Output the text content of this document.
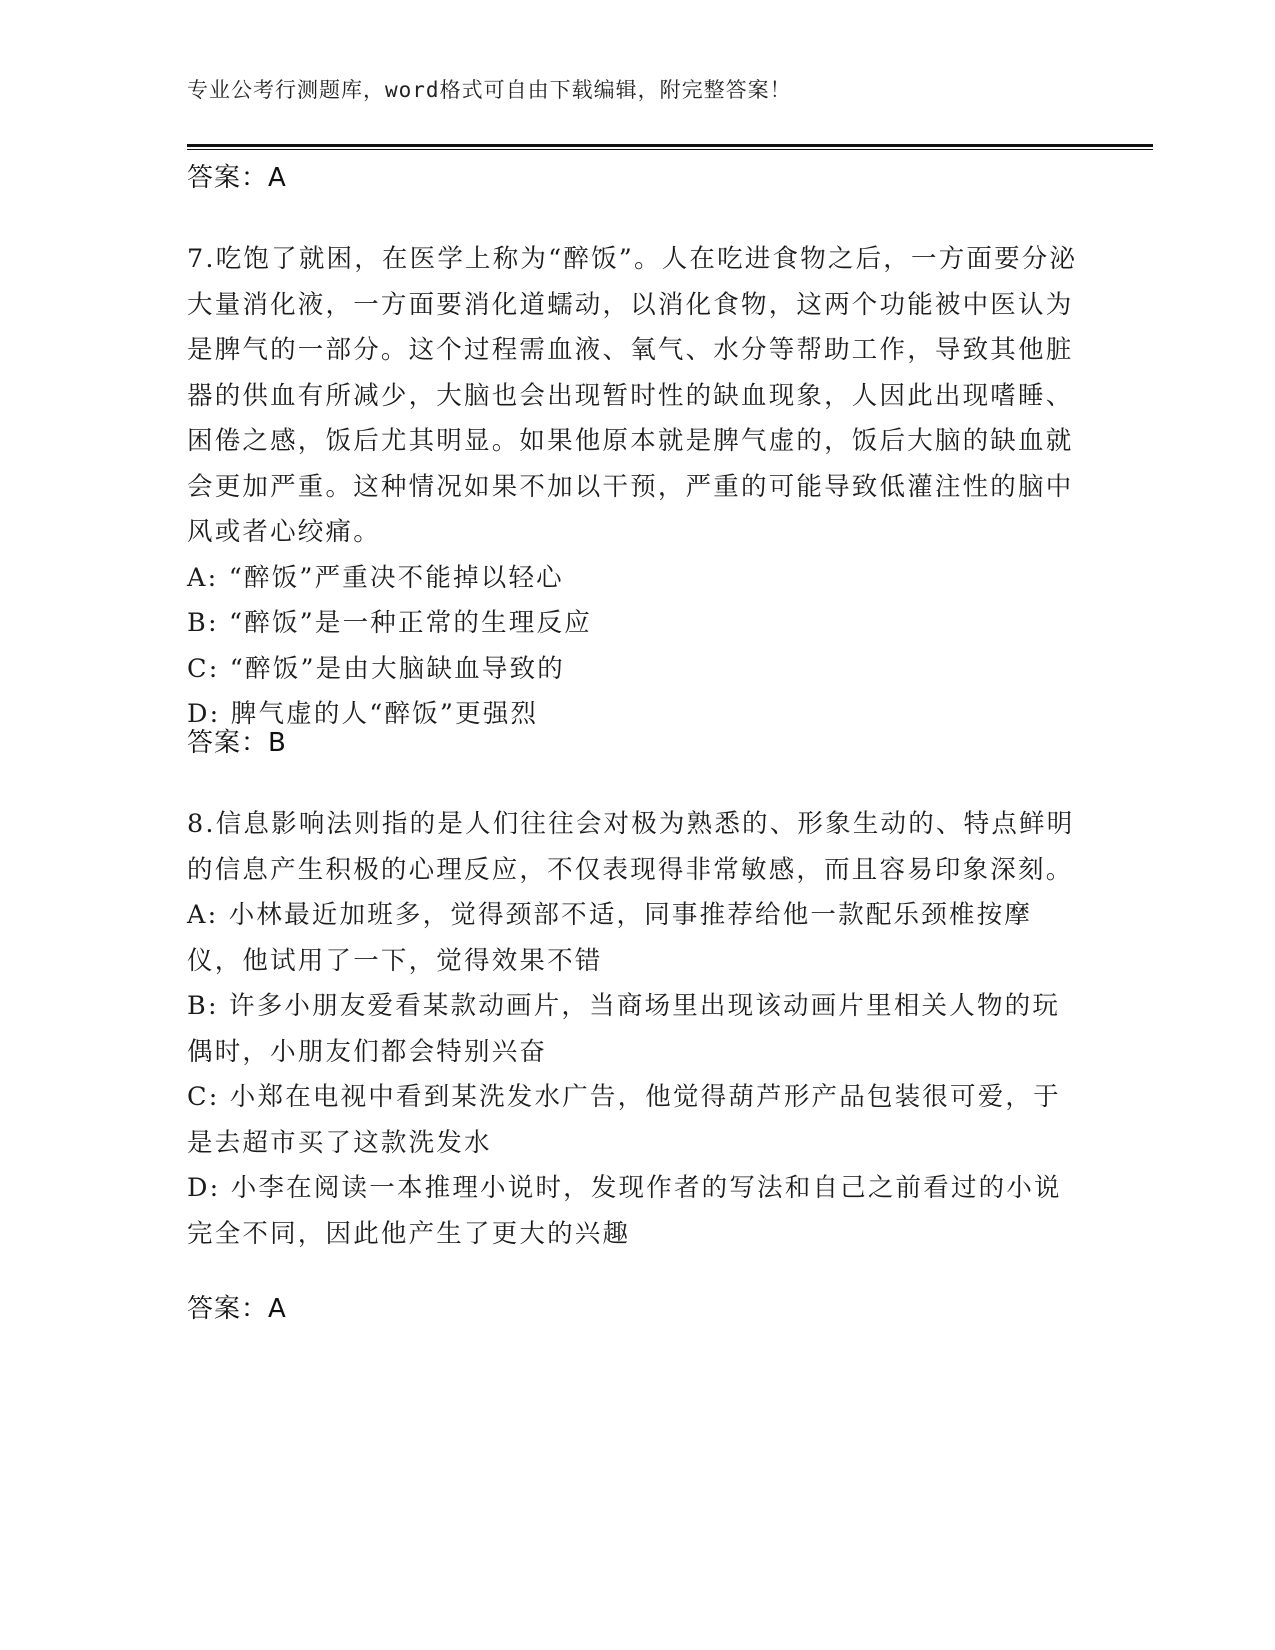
专业公考行测题库，word格式可自由下载编辑，附完整答案！
答案：A

7.吃饱了就困，在医学上称为“醉饭”。人在吃进食物之后，一方面要分泌大量消化液，一方面要消化道蠕动，以消化食物，这两个功能被中医认为是脾气的一部分。这个过程需血液、氧气、水分等帮助工作，导致其他脏器的供血有所减少，大脑也会出现暂时性的缺血现象，人因此出现嗜睡、困倦之感，饭后尤其明显。如果他原本就是脾气虚的，饭后大脑的缺血就会更加严重。这种情况如果不加以干预，严重的可能导致低灌注性的脑中风或者心绞痛。

A: “醉饭”严重决不能掉以轻心

B: “醉饭”是一种正常的生理反应

C: “醉饭”是由大脑缺血导致的

D: 脾气虚的人“醉饭”更强烈

答案：B

8.信息影响法则指的是人们往往会对极为熟悉的、形象生动的、特点鲜明的信息产生积极的心理反应，不仅表现得非常敏感，而且容易印象深刻。

A: 小林最近加班多，觉得颈部不适，同事推荐给他一款配乐颈椎按摩仪，他试用了一下，觉得效果不错

B: 许多小朋友爱看某款动画片，当商场里出现该动画片里相关人物的玩偶时，小朋友们都会特别兴奋

C: 小郑在电视中看到某洗发水广告，他觉得葫芦形产品包装很可爱，于是去超市买了这款洗发水

D: 小李在阅读一本推理小说时，发现作者的写法和自己之前看过的小说完全不同，因此他产生了更大的兴趣

答案：A
